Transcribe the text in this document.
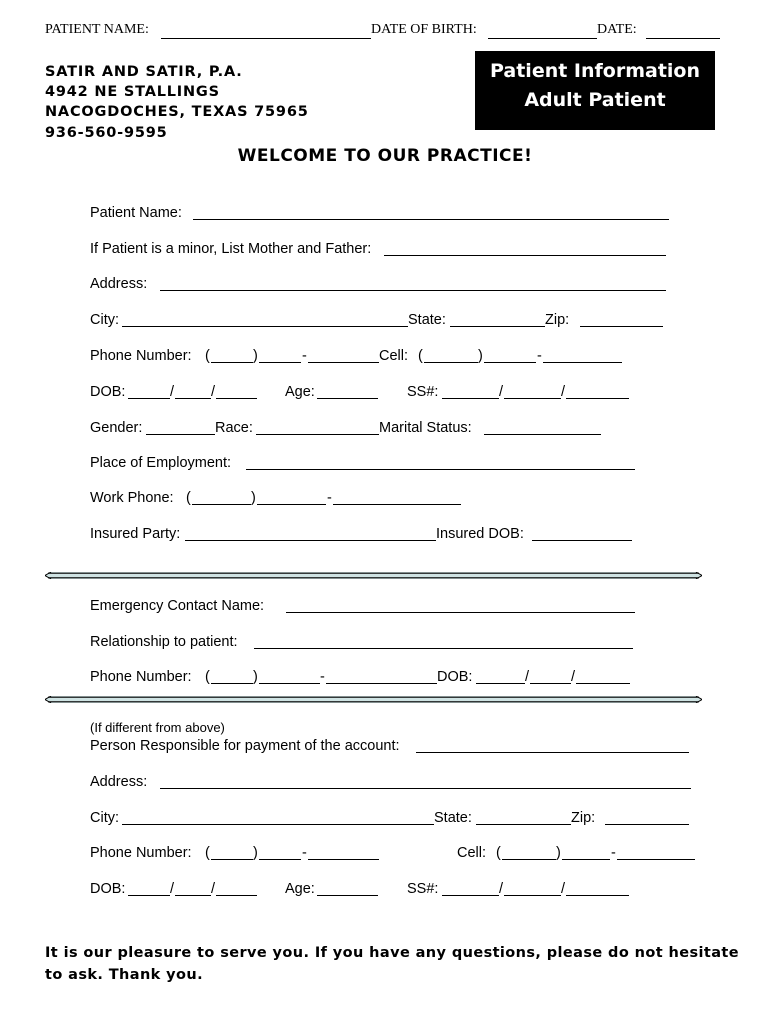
PATIENT NAME:	DATE OF BIRTH:	DATE:
SATIR AND SATIR, P.A.
4942 NE STALLINGS
NACOGDOCHES, TEXAS 75965
936-560-9595
Patient Information
Adult Patient
WELCOME TO OUR PRACTICE!
Patient Name:
If Patient is a minor, List Mother and Father:
Address:
City:	State:	Zip:
Phone Number: (	)	-	Cell: (	)	-
DOB:	/	/	Age:	SS#:	/	/
Gender:	Race:	Marital Status:
Place of Employment:
Work Phone: (	)	-
Insured Party:	Insured DOB:
Emergency Contact Name:
Relationship to patient:
Phone Number: (	)	-	DOB:	/	/
(If different from above)
Person Responsible for payment of the account:
Address:
City:	State:	Zip:
Phone Number: (	)	-	Cell: (	)	-
DOB:	/	/	Age:	SS#:	/	/
It is our pleasure to serve you. If you have any questions, please do not hesitate
to ask. Thank you.
